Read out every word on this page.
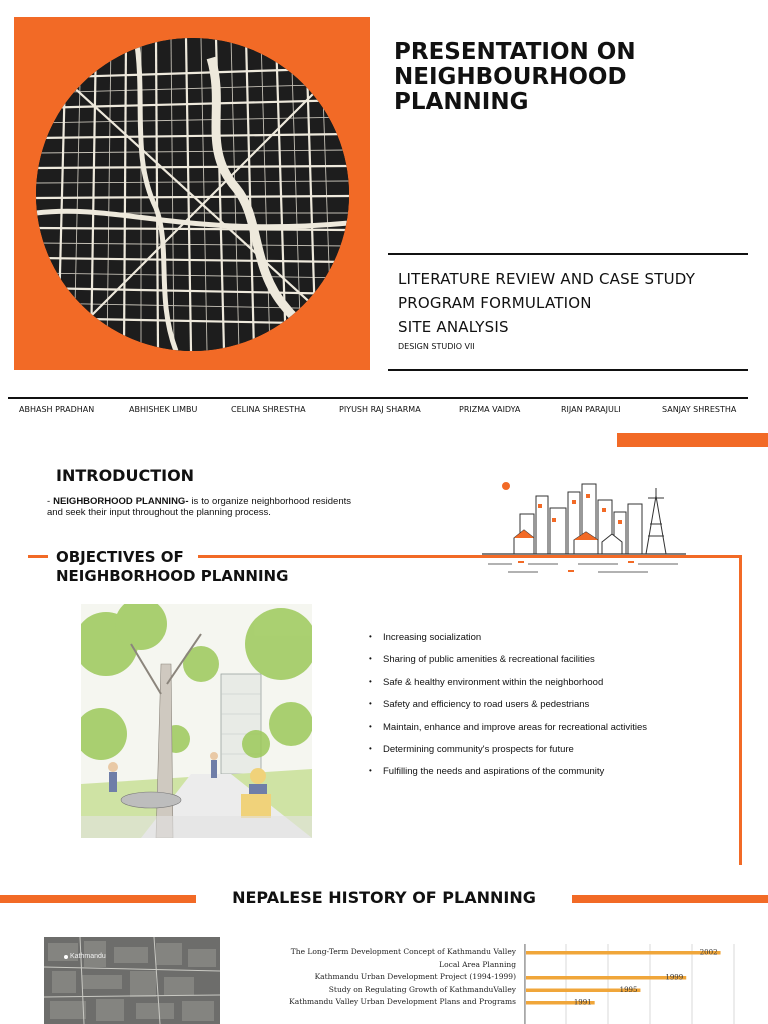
PRESENTATION ON NEIGHBOURHOOD PLANNING
LITERATURE REVIEW AND CASE STUDY
PROGRAM FORMULATION
SITE ANALYSIS
DESIGN STUDIO VII
ABHASH PRADHAN	ABHISHEK LIMBU	CELINA SHRESTHA	PIYUSH RAJ SHARMA	PRIZMA VAIDYA	RIJAN PARAJULI	SANJAY SHRESTHA
INTRODUCTION
- NEIGHBORHOOD PLANNING- is to organize neighborhood residents and seek their input throughout the planning process.
OBJECTIVES OF
NEIGHBORHOOD PLANNING
• Increasing socialization
• Sharing of public amenities & recreational facilities
• Safe & healthy environment within the neighborhood
• Safety and efficiency to road users & pedestrians
• Maintain, enhance and improve areas for recreational activities
• Determining community's prospects for future
• Fulfilling the needs and aspirations of the community
NEPALESE HISTORY OF PLANNING
Kathmandu
The Long-Term Development Concept of Kathmandu Valley
Local Area Planning
Kathmandu Urban Development Project (1994-1999)
Study on Regulating Growth of KathmanduValley
Kathmandu Valley Urban Development Plans and Programs
2002
1999
1995
1991
